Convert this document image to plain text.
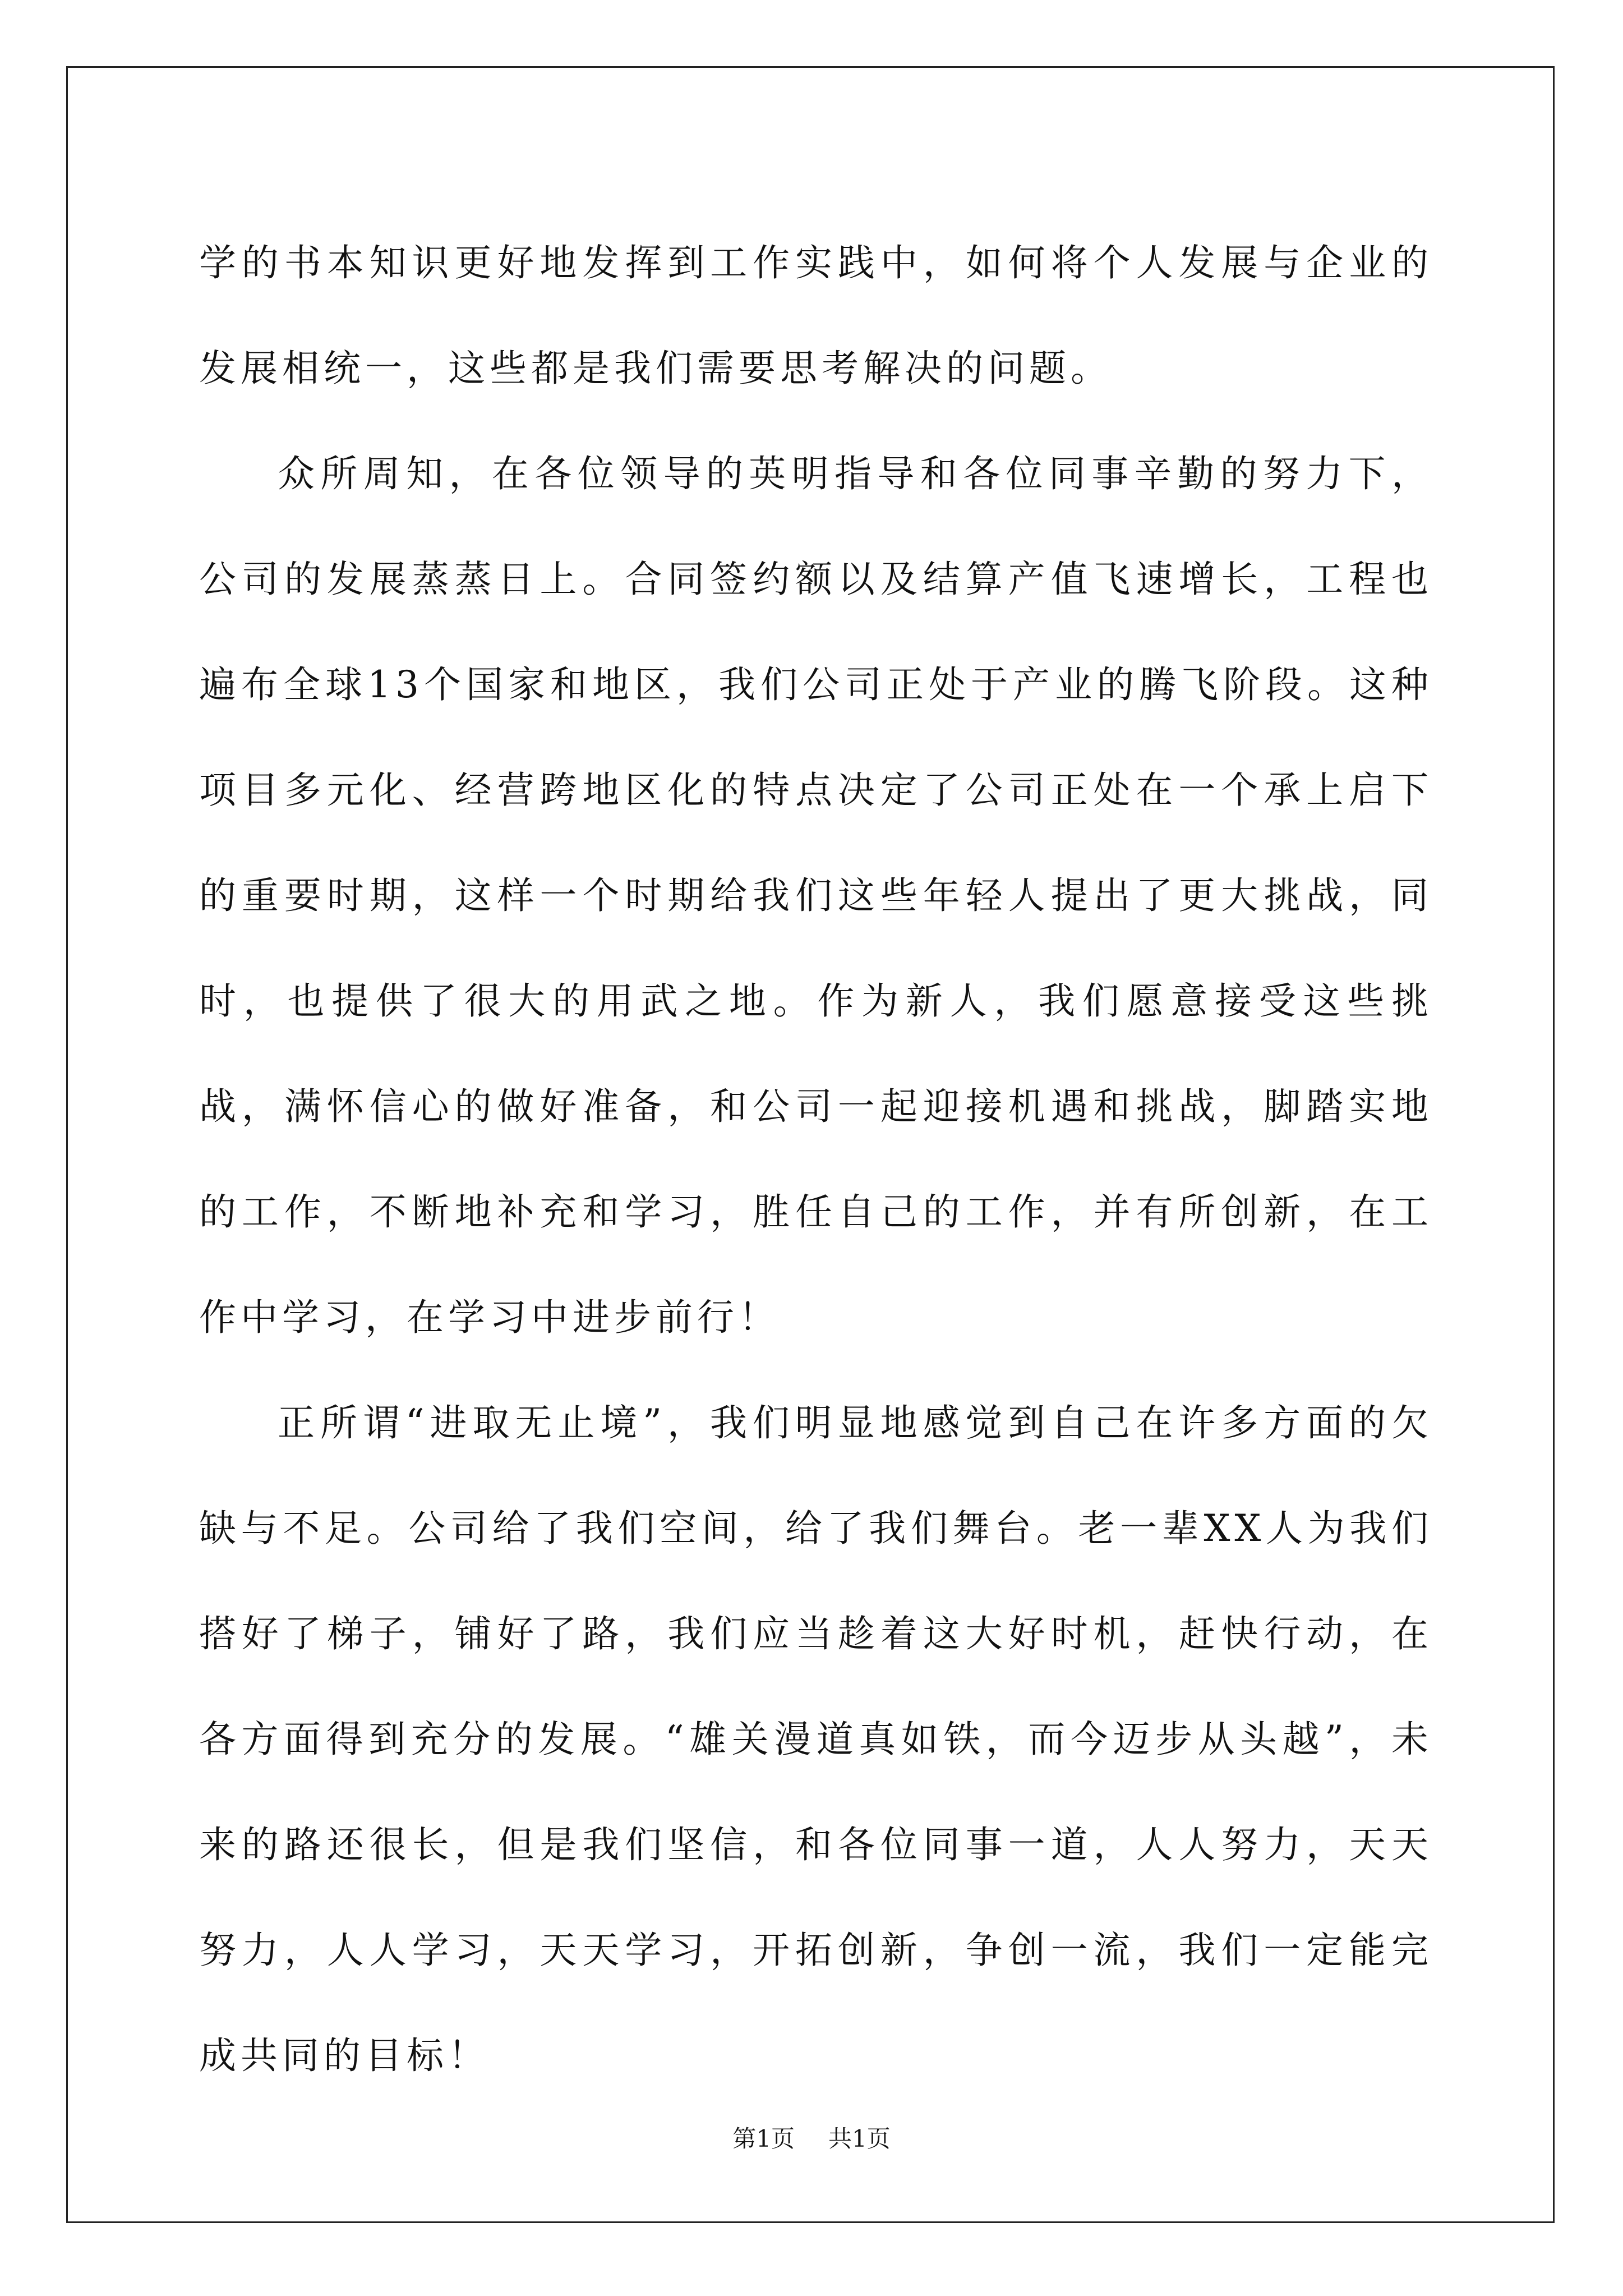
学的书本知识更好地发挥到工作实践中，如何将个人发展与企业的发展相统一，这些都是我们需要思考解决的问题。

众所周知，在各位领导的英明指导和各位同事辛勤的努力下，公司的发展蒸蒸日上。合同签约额以及结算产值飞速增长，工程也遍布全球13个国家和地区，我们公司正处于产业的腾飞阶段。这种项目多元化、经营跨地区化的特点决定了公司正处在一个承上启下的重要时期，这样一个时期给我们这些年轻人提出了更大挑战，同时，也提供了很大的用武之地。作为新人，我们愿意接受这些挑战，满怀信心的做好准备，和公司一起迎接机遇和挑战，脚踏实地的工作，不断地补充和学习，胜任自己的工作，并有所创新，在工作中学习，在学习中进步前行！

正所谓“进取无止境”，我们明显地感觉到自己在许多方面的欠缺与不足。公司给了我们空间，给了我们舞台。老一辈XX人为我们搭好了梯子，铺好了路，我们应当趁着这大好时机，赶快行动，在各方面得到充分的发展。“雄关漫道真如铁，而今迈步从头越”，未来的路还很长，但是我们坚信，和各位同事一道，人人努力，天天努力，人人学习，天天学习，开拓创新，争创一流，我们一定能完成共同的目标！

第1页 共1页
